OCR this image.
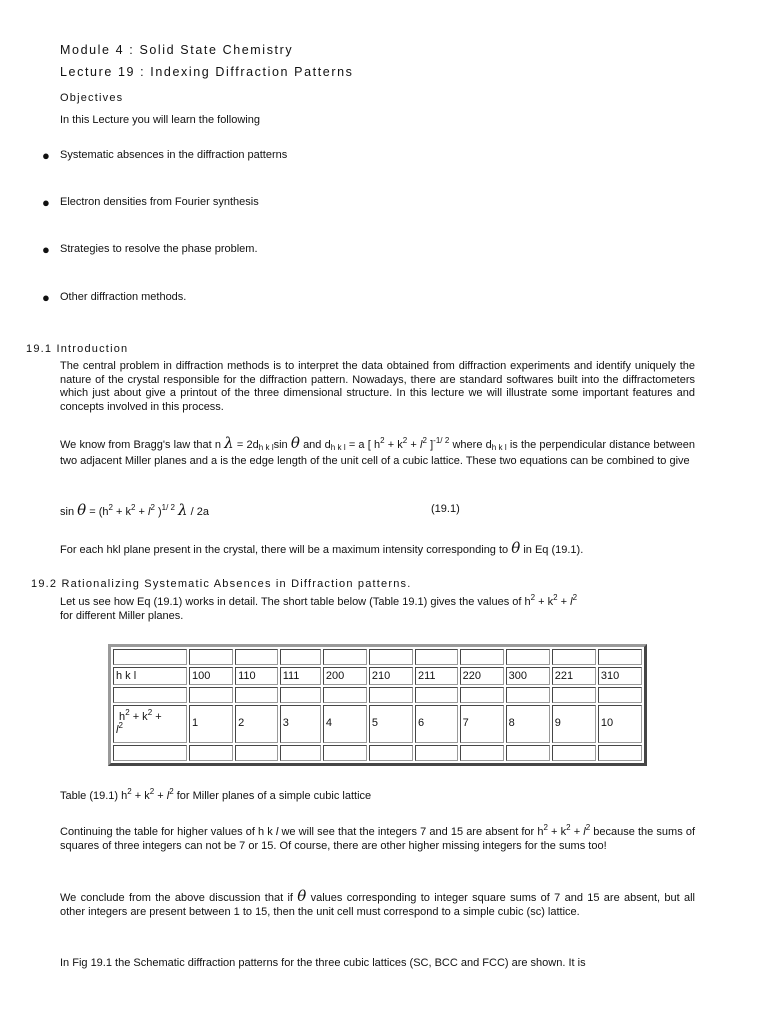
Module 4 : Solid State Chemistry
Lecture 19 : Indexing Diffraction Patterns
Objectives
In this Lecture you will learn the following
● Systematic absences in the diffraction patterns
● Electron densities from Fourier synthesis
● Strategies to resolve the phase problem.
● Other diffraction methods.
19.1 Introduction
The central problem in diffraction methods is to interpret the data obtained from diffraction experiments and identify uniquely the nature of the crystal responsible for the diffraction pattern. Nowadays, there are standard softwares built into the diffractometers which just about give a printout of the three dimensional structure. In this lecture we will illustrate some important features and concepts involved in this process.
We know from Bragg's law that n $\lambda = 2d_{h k l}\sin$ θ and $d_{h k l} = a$ [ $h^2 + k^2 + l^2$ ]$^{-1/ 2}$ where $d_{h k l}$ is the perpendicular distance between two adjacent Miller planes and a is the edge length of the unit cell of a cubic lattice. These two equations can be combined to give
$\sin \theta = (h^2 + k^2 + l^2$ )$^{1/ 2}$ λ / 2a	(19.1)
For each hkl plane present in the crystal, there will be a maximum intensity corresponding to θ in Eq (19.1).
19.2 Rationalizing Systematic Absences in Diffraction patterns.
Let us see how Eq (19.1) works in detail. The short table below (Table 19.1) gives the values of $h^2 + k^2 + l^2$
for different Miller planes.

h k l	100	110	111	200	210	211	220	300	221	310

$h^2 + k^2$ +
$l^2$	1	2	3	4	5	6	7	8	9	10

Table (19.1) $h^2 + k^2 + l^2$ for Miller planes of a simple cubic lattice
Continuing the table for higher values of h k l we will see that the integers 7 and 15 are absent for $h^2 + k^2 + l^2$ because the sums of squares of three integers can not be 7 or 15. Of course, there are other higher missing integers for the sums too!
We conclude from the above discussion that if θ values corresponding to integer square sums of 7 and 15 are absent, but all other integers are present between 1 to 15, then the unit cell must correspond to a simple cubic (sc) lattice.
In Fig 19.1 the Schematic diffraction patterns for the three cubic lattices (SC, BCC and FCC) are shown. It is
